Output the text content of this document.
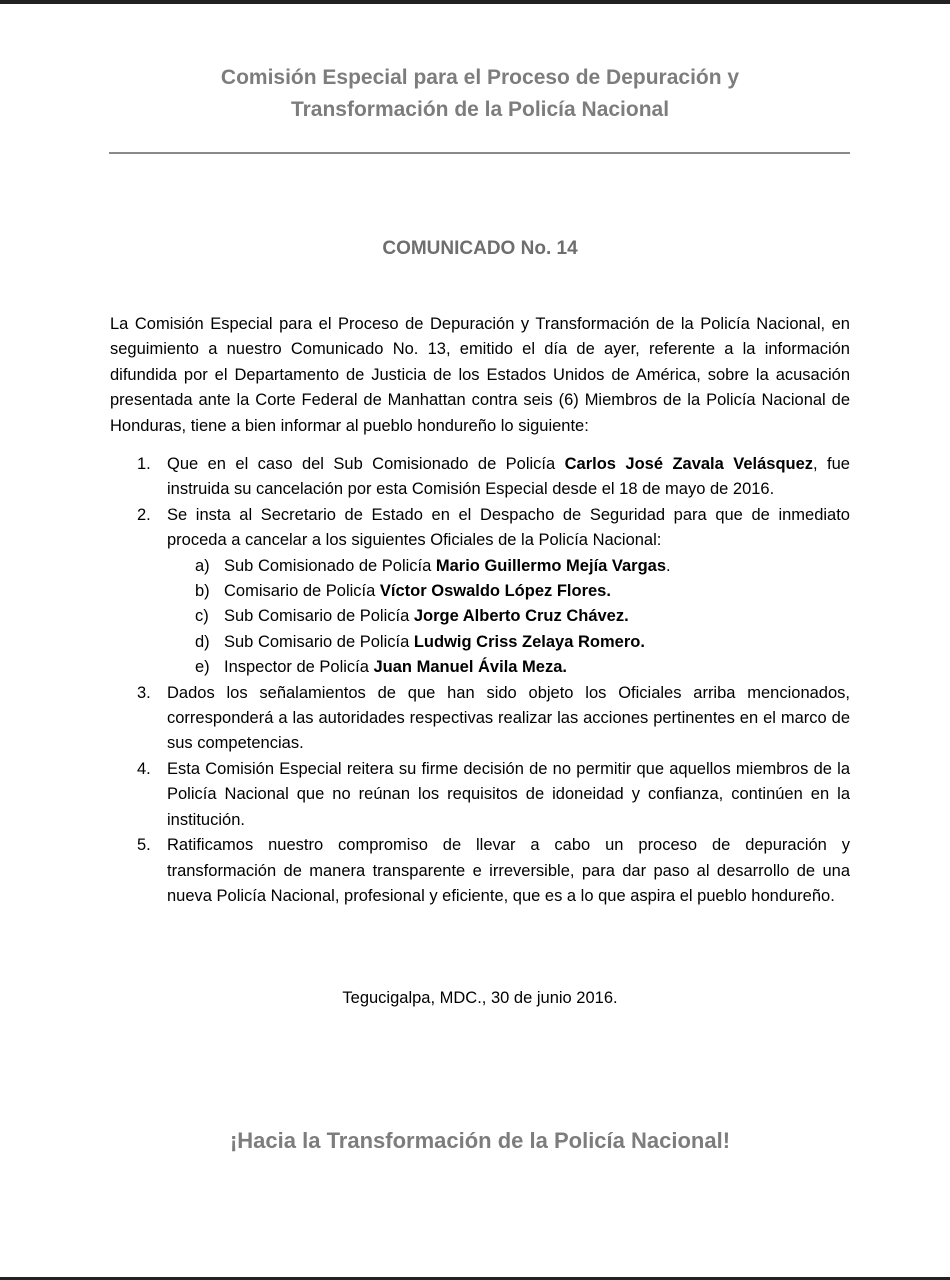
Comisión Especial para el Proceso de Depuración y
Transformación de la Policía Nacional
COMUNICADO No. 14
La Comisión Especial para el Proceso de Depuración y Transformación de la Policía Nacional, en seguimiento a nuestro Comunicado No. 13, emitido el día de ayer, referente a la información difundida por el Departamento de Justicia de los Estados Unidos de América, sobre la acusación presentada ante la Corte Federal de Manhattan contra seis (6) Miembros de la Policía Nacional de Honduras, tiene a bien informar al pueblo hondureño lo siguiente:
1. Que en el caso del Sub Comisionado de Policía Carlos José Zavala Velásquez, fue instruida su cancelación por esta Comisión Especial desde el 18 de mayo de 2016.
2. Se insta al Secretario de Estado en el Despacho de Seguridad para que de inmediato proceda a cancelar a los siguientes Oficiales de la Policía Nacional:
a) Sub Comisionado de Policía Mario Guillermo Mejía Vargas.
b) Comisario de Policía Víctor Oswaldo López Flores.
c) Sub Comisario de Policía Jorge Alberto Cruz Chávez.
d) Sub Comisario de Policía Ludwig Criss Zelaya Romero.
e) Inspector de Policía Juan Manuel Ávila Meza.
3. Dados los señalamientos de que han sido objeto los Oficiales arriba mencionados, corresponderá a las autoridades respectivas realizar las acciones pertinentes en el marco de sus competencias.
4. Esta Comisión Especial reitera su firme decisión de no permitir que aquellos miembros de la Policía Nacional que no reúnan los requisitos de idoneidad y confianza, continúen en la institución.
5. Ratificamos nuestro compromiso de llevar a cabo un proceso de depuración y transformación de manera transparente e irreversible, para dar paso al desarrollo de una nueva Policía Nacional, profesional y eficiente, que es a lo que aspira el pueblo hondureño.
Tegucigalpa, MDC., 30 de junio 2016.
¡Hacia la Transformación de la Policía Nacional!
